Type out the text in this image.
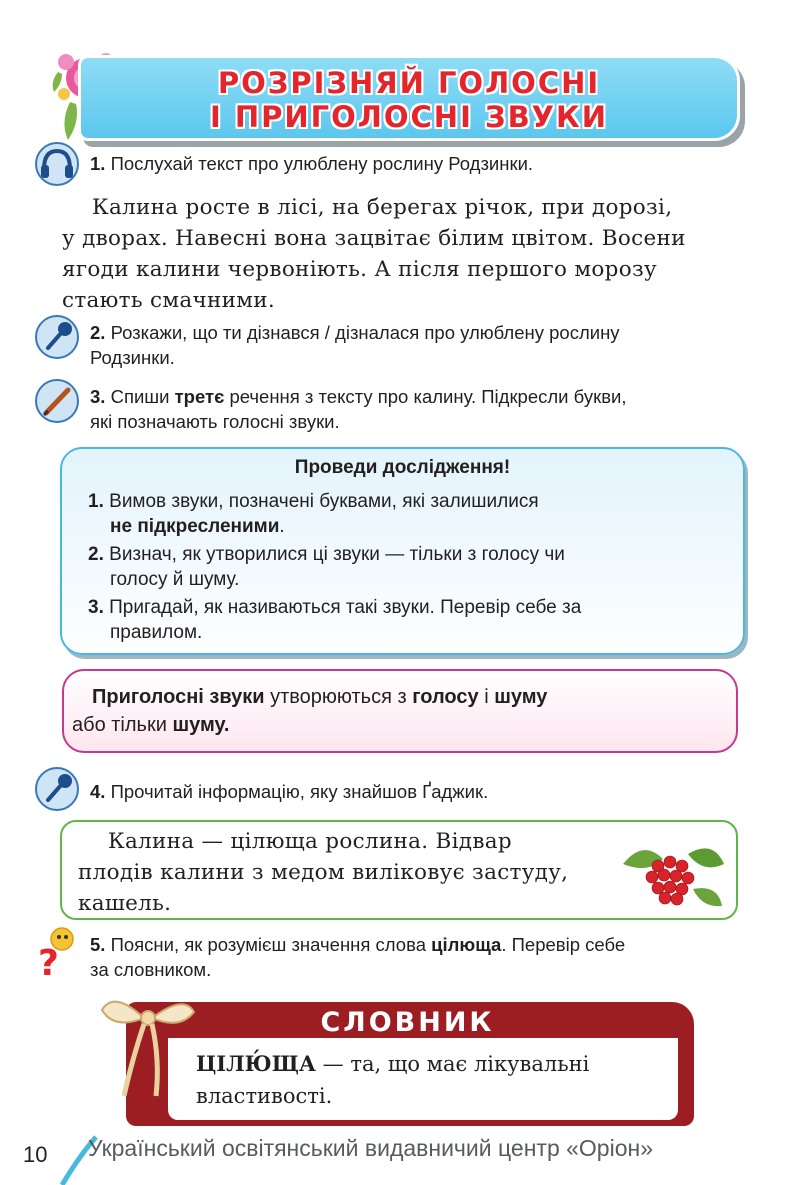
РОЗРІЗНЯЙ ГОЛОСНІ
І ПРИГОЛОСНІ ЗВУКИ
1. Послухай текст про улюблену рослину Родзинки.
Калина росте в лісі, на берегах річок, при дорозі,
у дворах. Навесні вона зацвітає білим цвітом. Восени
ягоди калини червоніють. А після першого морозу
стають смачними.
2. Розкажи, що ти дізнався / дізналася про улюблену рослину
Родзинки.
3. Спиши третє речення з тексту про калину. Підкресли букви,
які позначають голосні звуки.
Проведи дослідження!
1. Вимов звуки, позначені буквами, які залишилися
не підкресленими.
2. Визнач, як утворилися ці звуки — тільки з голосу чи
голосу й шуму.
3. Пригадай, як називаються такі звуки. Перевір себе за
правилом.
Приголосні звуки утворюються з голосу і шуму
або тільки шуму.
4. Прочитай інформацію, яку знайшов Ґаджик.
Калина — цілюща рослина. Відвар
плодів калини з медом виліковує застуду,
кашель.
? 5. Поясни, як розумієш значення слова цілюща. Перевір себе
за словником.
СЛОВНИК
ЦІЛЮ́ЩА — та, що має лікувальні
властивості.
10 Український освітянський видавничий центр «Оріон»
